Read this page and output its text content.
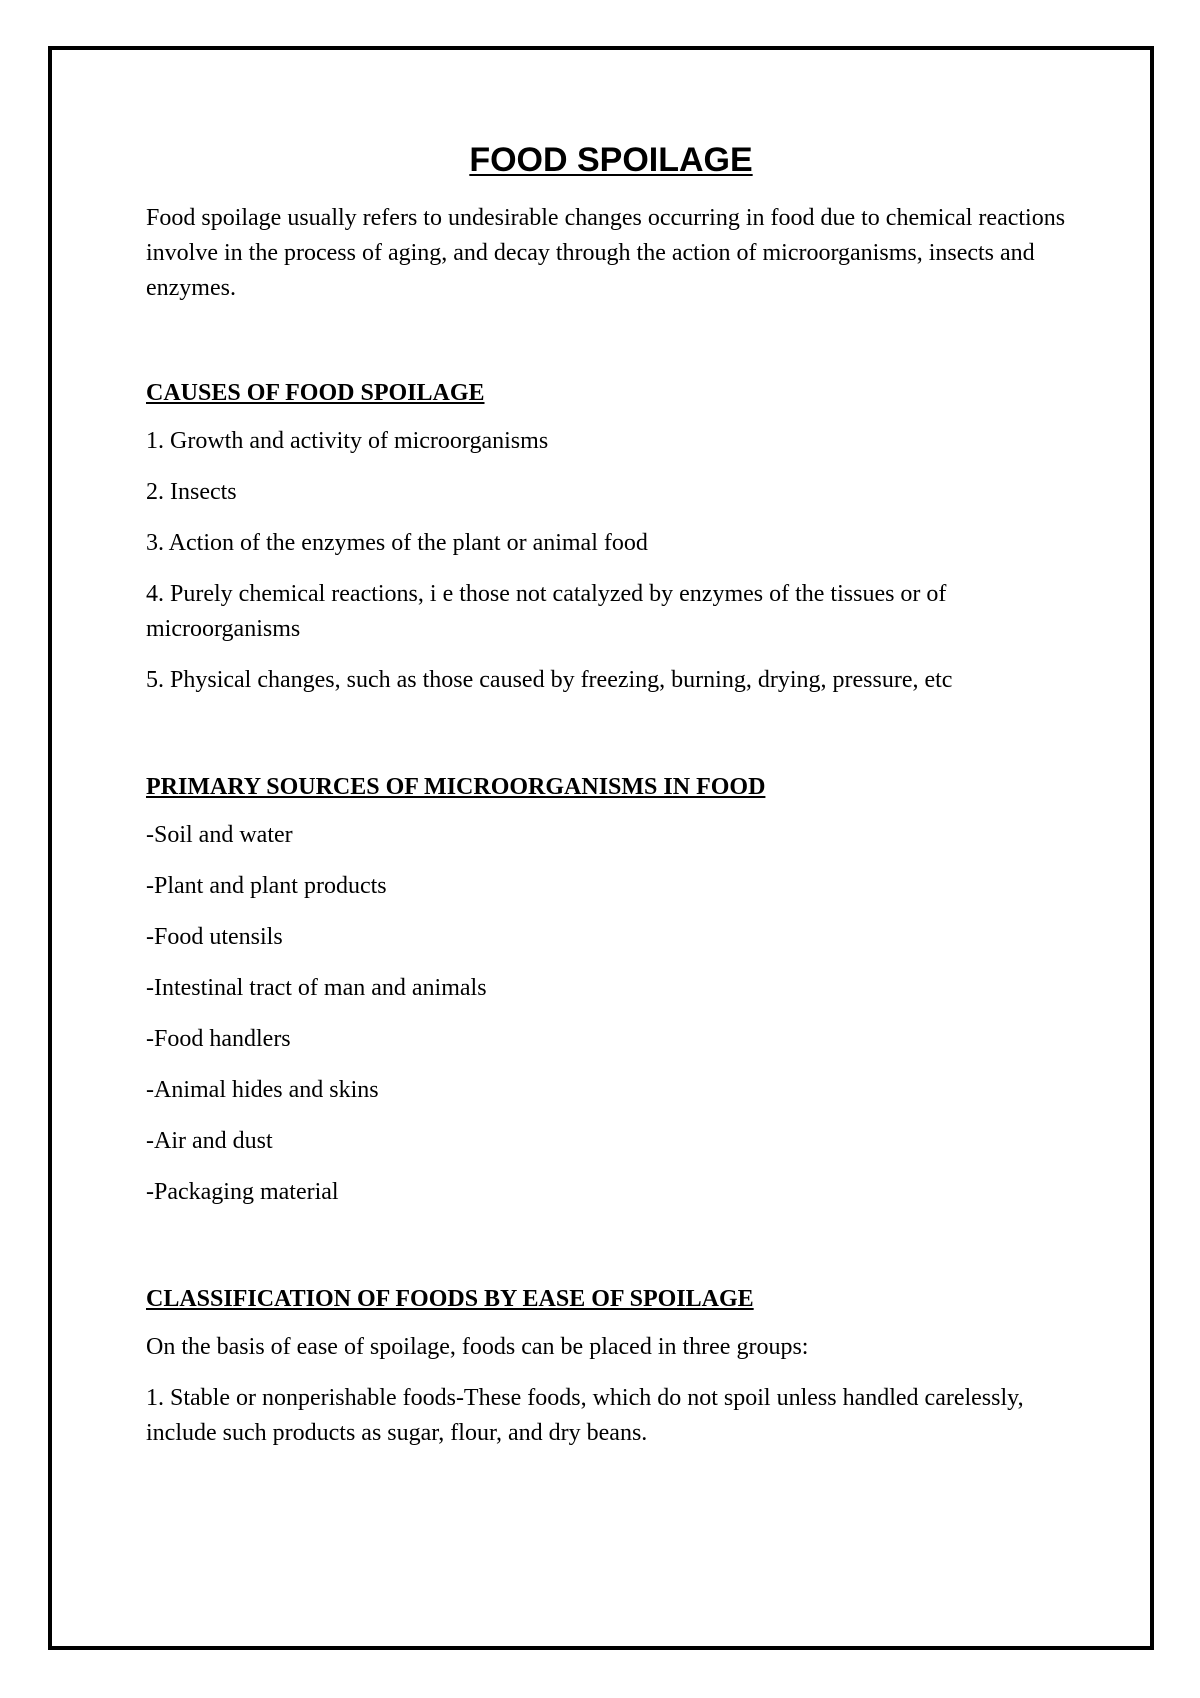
FOOD SPOILAGE

Food spoilage usually refers to undesirable changes occurring in food due to chemical reactions involve in the process of aging, and decay through the action of microorganisms, insects and enzymes.

CAUSES OF FOOD SPOILAGE

1. Growth and activity of microorganisms

2. Insects

3. Action of the enzymes of the plant or animal food

4. Purely chemical reactions, i e those not catalyzed by enzymes of the tissues or of microorganisms

5. Physical changes, such as those caused by freezing, burning, drying, pressure, etc

PRIMARY SOURCES OF MICROORGANISMS IN FOOD

-Soil and water

-Plant and plant products

-Food utensils

-Intestinal tract of man and animals

-Food handlers

-Animal hides and skins

-Air and dust

-Packaging material

CLASSIFICATION OF FOODS BY EASE OF SPOILAGE

On the basis of ease of spoilage, foods can be placed in three groups:

1. Stable or nonperishable foods-These foods, which do not spoil unless handled carelessly, include such products as sugar, flour, and dry beans.
